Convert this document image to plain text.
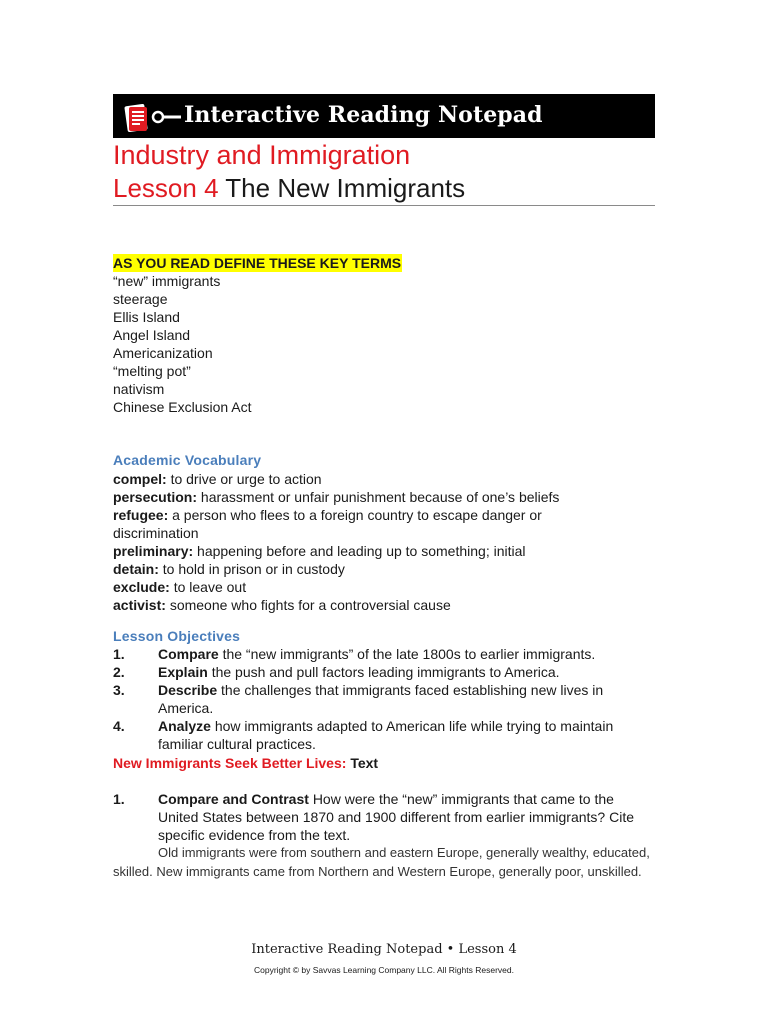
Interactive Reading Notepad
Industry and Immigration
Lesson 4 The New Immigrants
AS YOU READ DEFINE THESE KEY TERMS
“new” immigrants
steerage
Ellis Island
Angel Island
Americanization
“melting pot”
nativism
Chinese Exclusion Act
Academic Vocabulary
compel: to drive or urge to action
persecution: harassment or unfair punishment because of one’s beliefs
refugee: a person who flees to a foreign country to escape danger or discrimination
preliminary: happening before and leading up to something; initial
detain: to hold in prison or in custody
exclude: to leave out
activist: someone who fights for a controversial cause
Lesson Objectives
1. Compare the “new immigrants” of the late 1800s to earlier immigrants.
2. Explain the push and pull factors leading immigrants to America.
3. Describe the challenges that immigrants faced establishing new lives in America.
4. Analyze how immigrants adapted to American life while trying to maintain familiar cultural practices.
New Immigrants Seek Better Lives: Text
1. Compare and Contrast How were the “new” immigrants that came to the United States between 1870 and 1900 different from earlier immigrants? Cite specific evidence from the text.
Old immigrants were from southern and eastern Europe, generally wealthy, educated, skilled. New immigrants came from Northern and Western Europe, generally poor, unskilled.
Interactive Reading Notepad • Lesson 4
Copyright © by Savvas Learning Company LLC. All Rights Reserved.
